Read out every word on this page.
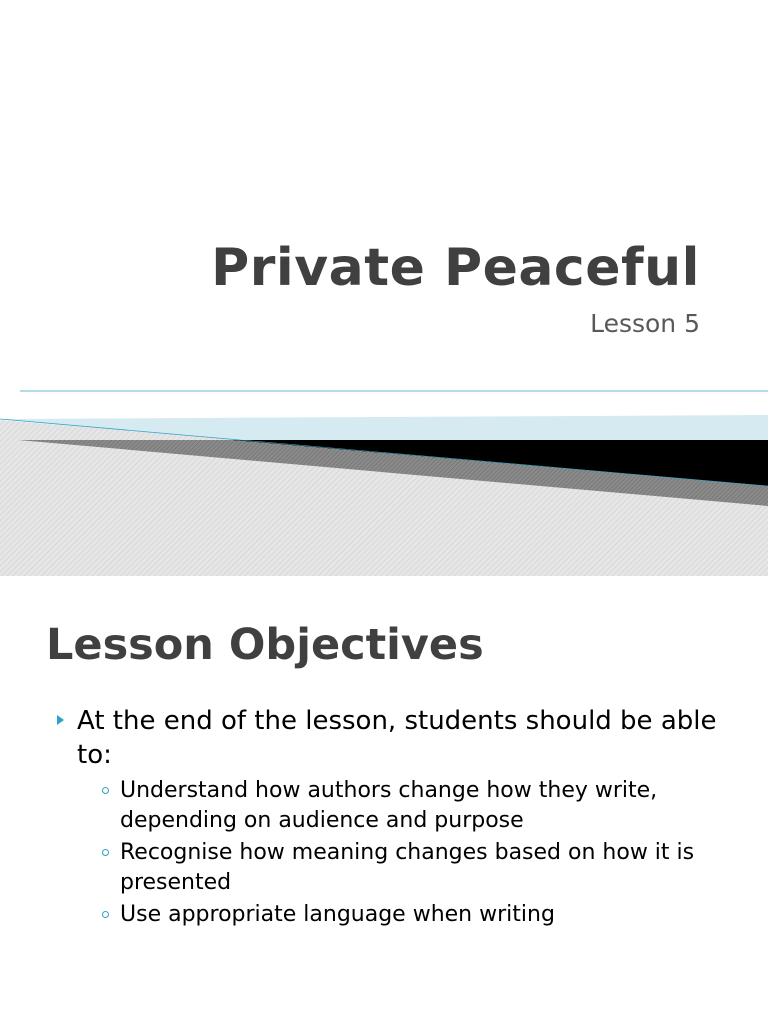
Private Peaceful
Lesson 5
Lesson Objectives
At the end of the lesson, students should be able to:
Understand how authors change how they write, depending on audience and purpose
Recognise how meaning changes based on how it is presented
Use appropriate language when writing
